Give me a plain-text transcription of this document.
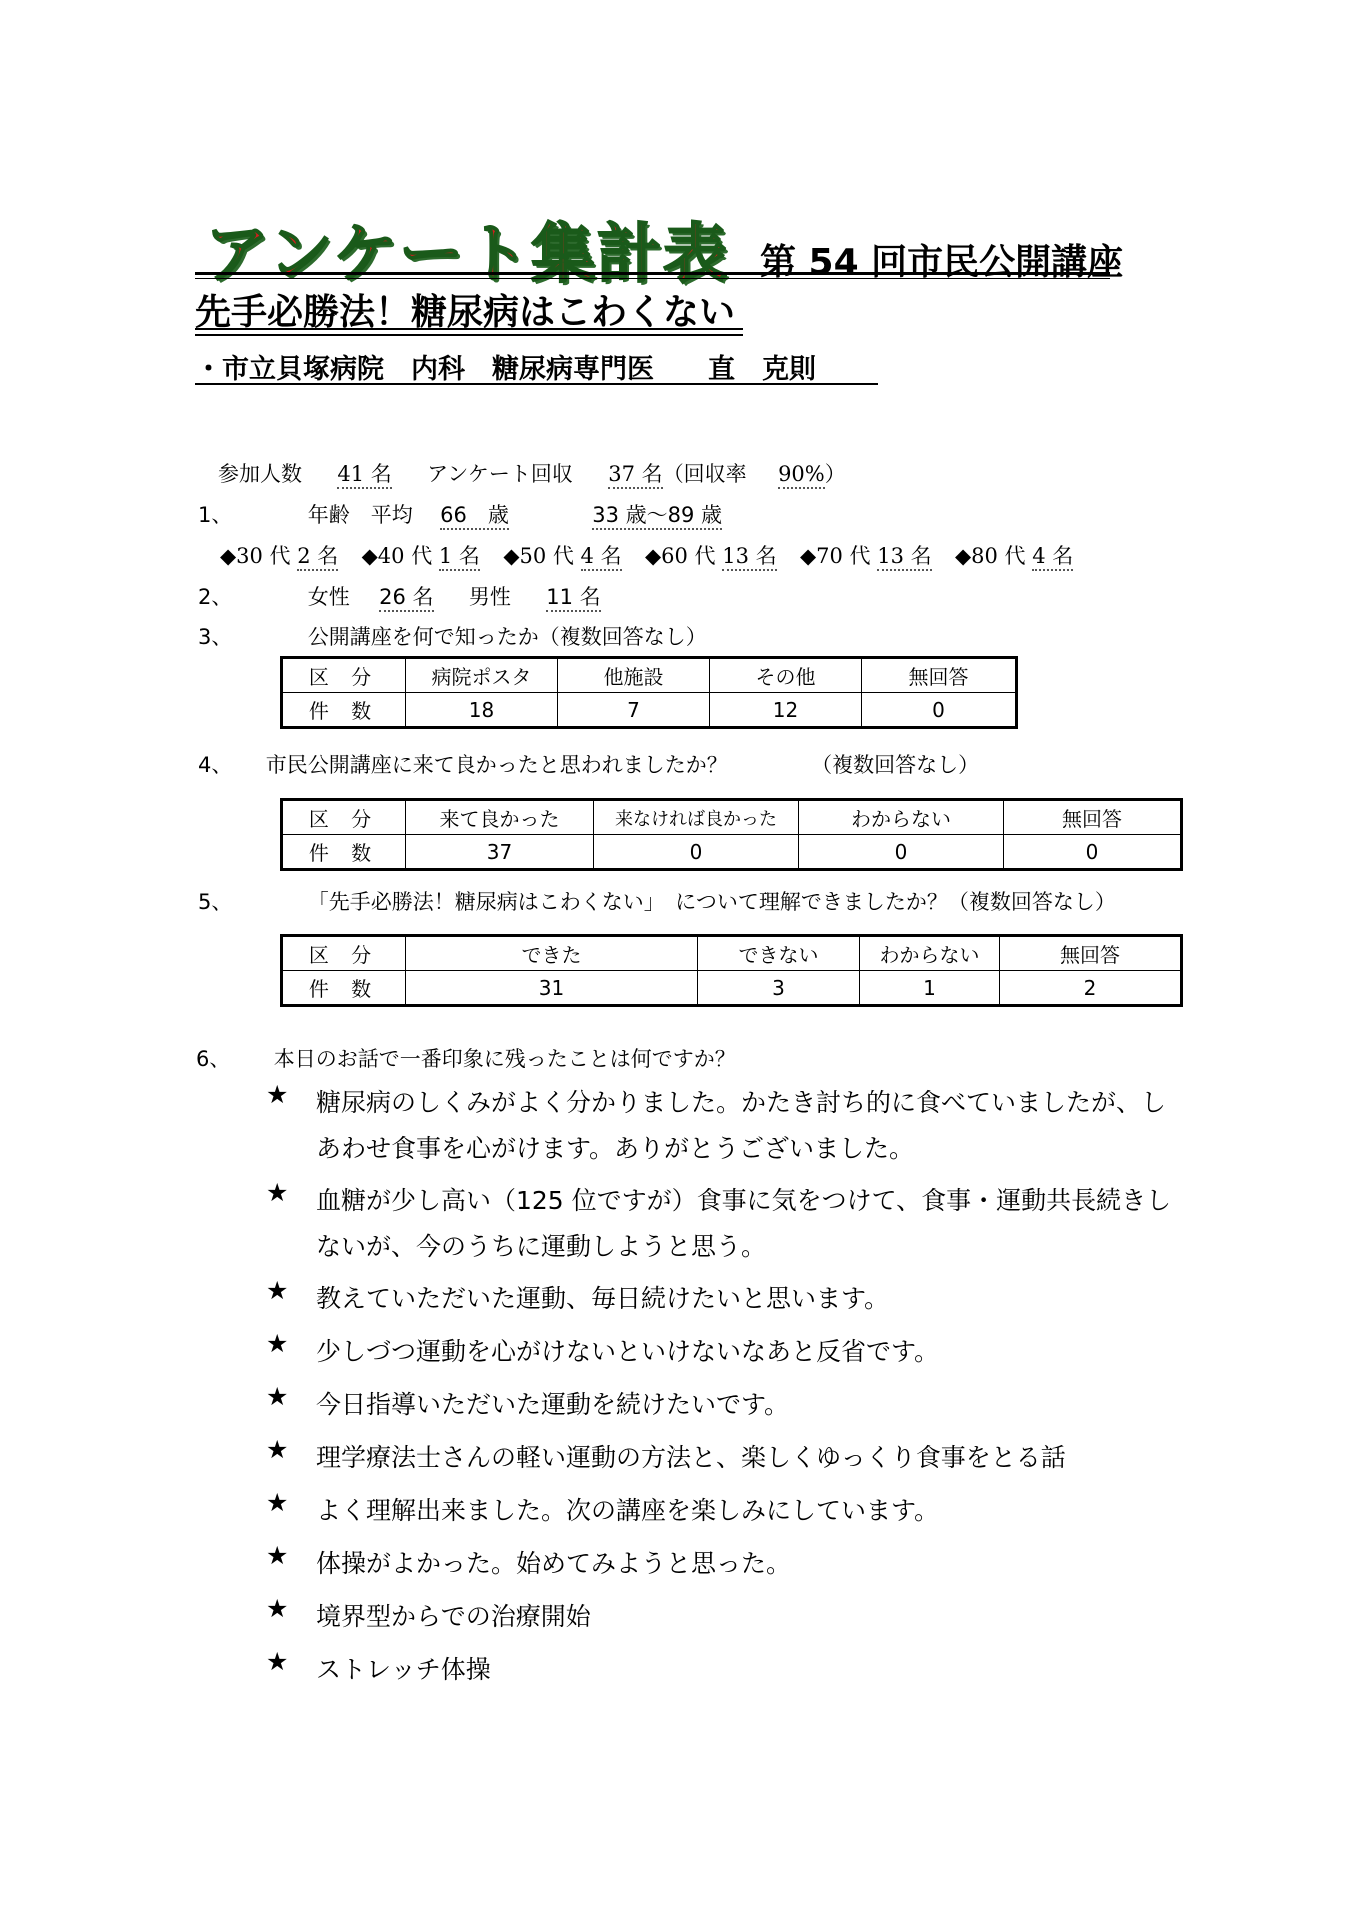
アンケート集計表 第 54 回市民公開講座
先手必勝法！糖尿病はこわくない
・市立貝塚病院　内科　糖尿病専門医　　直　克則
参加人数 41 名 アンケート回収 37 名（回収率 90%）
1、	年齢　平均 66　歳	33 歳～89 歳
◆30 代 2 名 ◆40 代 1 名 ◆50 代 4 名 ◆60 代 13 名 ◆70 代 13 名 ◆80 代 4 名
2、	女性 26 名 男性 11 名
3、	公開講座を何で知ったか（複数回答なし）
区 分	病院ポスタ	他施設	その他	無回答
件 数	18	7	12	0
4、 市民公開講座に来て良かったと思われましたか？	（複数回答なし）
区 分	来て良かった	来なければ良かった	わからない	無回答
件 数	37	0	0	0
5、	「先手必勝法！糖尿病はこわくない」　について理解できましたか？（複数回答なし）
区 分	できた	できない	わからない	無回答
件 数	31	3	1	2
6、 本日のお話で一番印象に残ったことは何ですか？
★ 糖尿病のしくみがよく分かりました。かたき討ち的に食べていましたが、しあわせ食事を心がけます。ありがとうございました。
★ 血糖が少し高い（125 位ですが）食事に気をつけて、食事・運動共長続きしないが、今のうちに運動しようと思う。
★ 教えていただいた運動、毎日続けたいと思います。
★ 少しづつ運動を心がけないといけないなあと反省です。
★ 今日指導いただいた運動を続けたいです。
★ 理学療法士さんの軽い運動の方法と、楽しくゆっくり食事をとる話
★ よく理解出来ました。次の講座を楽しみにしています。
★ 体操がよかった。始めてみようと思った。
★ 境界型からでの治療開始
★ ストレッチ体操
